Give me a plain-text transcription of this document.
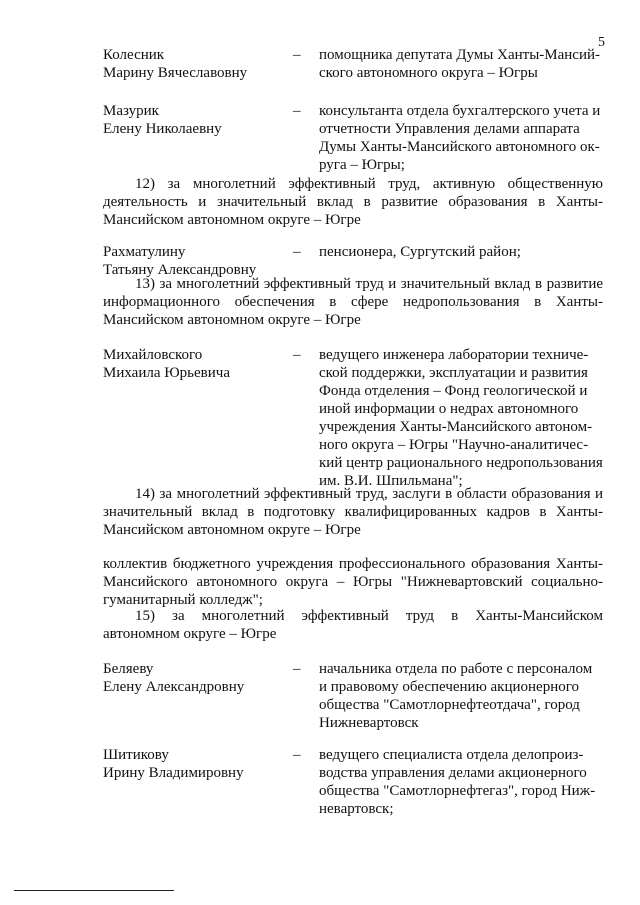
5
Колесник
Марину Вячеславовну
– помощника депутата Думы Ханты-Мансий-
ского автономного округа – Югры
Мазурик
Елену Николаевну
– консультанта отдела бухгалтерского учета и
отчетности Управления делами аппарата
Думы Ханты-Мансийского автономного ок-
руга – Югры;
12) за многолетний эффективный труд, активную общественную деятельность и значительный вклад в развитие образования в Ханты-Мансийском автономном округе – Югре
Рахматулину
Татьяну Александровну
– пенсионера, Сургутский район;
13) за многолетний эффективный труд и значительный вклад в развитие информационного обеспечения в сфере недропользования в Ханты-Мансийском автономном округе – Югре
Михайловского
Михаила Юрьевича
– ведущего инженера лаборатории техниче-
ской поддержки, эксплуатации и развития
Фонда отделения – Фонд геологической и
иной информации о недрах автономного
учреждения Ханты-Мансийского автоном-
ного округа – Югры "Научно-аналитичес-
кий центр рационального недропользования
им. В.И. Шпильмана";
14) за многолетний эффективный труд, заслуги в области образования и значительный вклад в подготовку квалифицированных кадров в Ханты-Мансийском автономном округе – Югре
коллектив бюджетного учреждения профессионального образования Ханты-Мансийского автономного округа – Югры "Нижневартовский социально-гуманитарный колледж";
15) за многолетний эффективный труд в Ханты-Мансийском автономном округе – Югре
Беляеву
Елену Александровну
– начальника отдела по работе с персоналом
и правовому обеспечению акционерного
общества "Самотлорнефтеотдача", город
Нижневартовск
Шитикову
Ирину Владимировну
– ведущего специалиста отдела делопроиз-
водства управления делами акционерного
общества "Самотлорнефтегаз", город Ниж-
невартовск;
